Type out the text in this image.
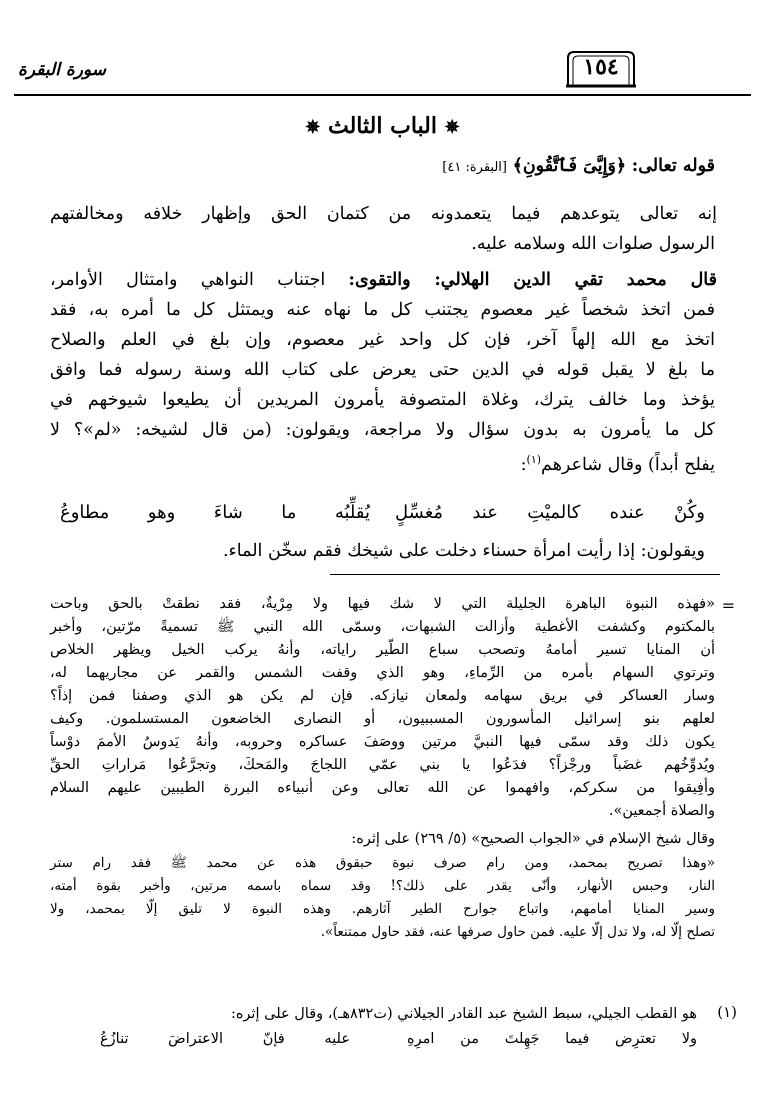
سورة البقرة	١٥٤
✵ الباب الثالث ✵
قوله تعالى: ﴿وَإِيَّىَ فَٱتَّقُونِ﴾ [البقرة: ٤١]
إنه تعالى يتوعدهم فيما يتعمدونه من كتمان الحق وإظهار خلافه ومخالفتهم
الرسول صلوات الله وسلامه عليه.
قال محمد تقي الدين الهلالي: والتقوى: اجتناب النواهي وامتثال الأوامر،
فمن اتخذ شخصاً غير معصوم يجتنب كل ما نهاه عنه ويمتثل كل ما أمره به، فقد
اتخذ مع الله إلهاً آخر، فإن كل واحد غير معصوم، وإن بلغ في العلم والصلاح
ما بلغ لا يقبل قوله في الدين حتى يعرض على كتاب الله وسنة رسوله فما وافق
يؤخذ وما خالف يترك، وغلاة المتصوفة يأمرون المريدين أن يطيعوا شيوخهم في
كل ما يأمرون به بدون سؤال ولا مراجعة، ويقولون: (من قال لشيخه: «لم»؟ لا
يفلح أبداً) وقال شاعرهم$^{(١)}$:
وكُنْ عنده كالميْتِ عند مُغسِّلٍ
يُقلِّبُه ما شاءَ وهو مطاوعُ
ويقولون: إذا رأيت امرأة حسناء دخلت على شيخك فقم سخّن الماء.
=
«فهذه النبوة الباهرة الجليلة التي لا شك فيها ولا مِرْيةٌ، فقد نطقتْ بالحق وباحت
بالمكتوم وكشفت الأغطية وأزالت الشبهات، وسمّى الله النبي ﷺ تسميةً مرّتين، وأخبر
أن المنايا تسير أمامهُ وتصحب سباع الطّير راياته، وأنهُ يركب الخيل ويظهر الخلاص
وترتوي السهام بأمره من الرِّماءِ، وهو الذي وقفت الشمس والقمر عن مجاريهما له،
وسار العساكر في بريق سهامه ولمعان نيازكه. فإن لم يكن هو الذي وصفنا فمن إذاً؟
لعلهم بنو إسرائيل المأسورون المسببيون، أو النصارى الخاضعون المستسلمون. وكيف
يكون ذلك وقد سمّى فيها النبيَّ مرتين ووصَفَ عساكره وحروبه، وأنهُ يَدوسُ الأممَ دوْساً
ويُدوِّخُهم غضَباً ورجْزاً؟ فدَعُوا يا بني عمّي اللجاجَ والمَحكَ، وتجرَّعُوا مَراراتِ الحقِّ
وأفِيقوا من سكركم، وافهموا عن الله تعالى وعن أنبياءه البررة الطيبين عليهم السلام
والصلاة أجمعين».
وقال شيخ الإسلام في «الجواب الصحيح» (٥/ ٢٦٩) على إثره:
«وهذا تصريح بمحمد، ومن رام صرف نبوة حبقوق هذه عن محمد ﷺ فقد رام ستر
النار، وحبس الأنهار، وأنّى يقدر على ذلك؟! وقد سماه باسمه مرتين، وأخبر بقوة أمته،
وسير المنايا أمامهم، واتباع جوارح الطير آثارهم. وهذه النبوة لا تليق إلّا بمحمد، ولا
تصلح إلّا له، ولا تدل إلّا عليه. فمن حاول صرفها عنه، فقد حاول ممتنعاً».
(١)
هو القطب الجيلي، سبط الشيخ عبد القادر الجيلاني (ت٨٣٢هـ)، وقال على إثره:
ولا تعترِض فيما جَهِلتَ من امرِهِ
عليه فإنّ الاعتراضَ تنازُعُ
